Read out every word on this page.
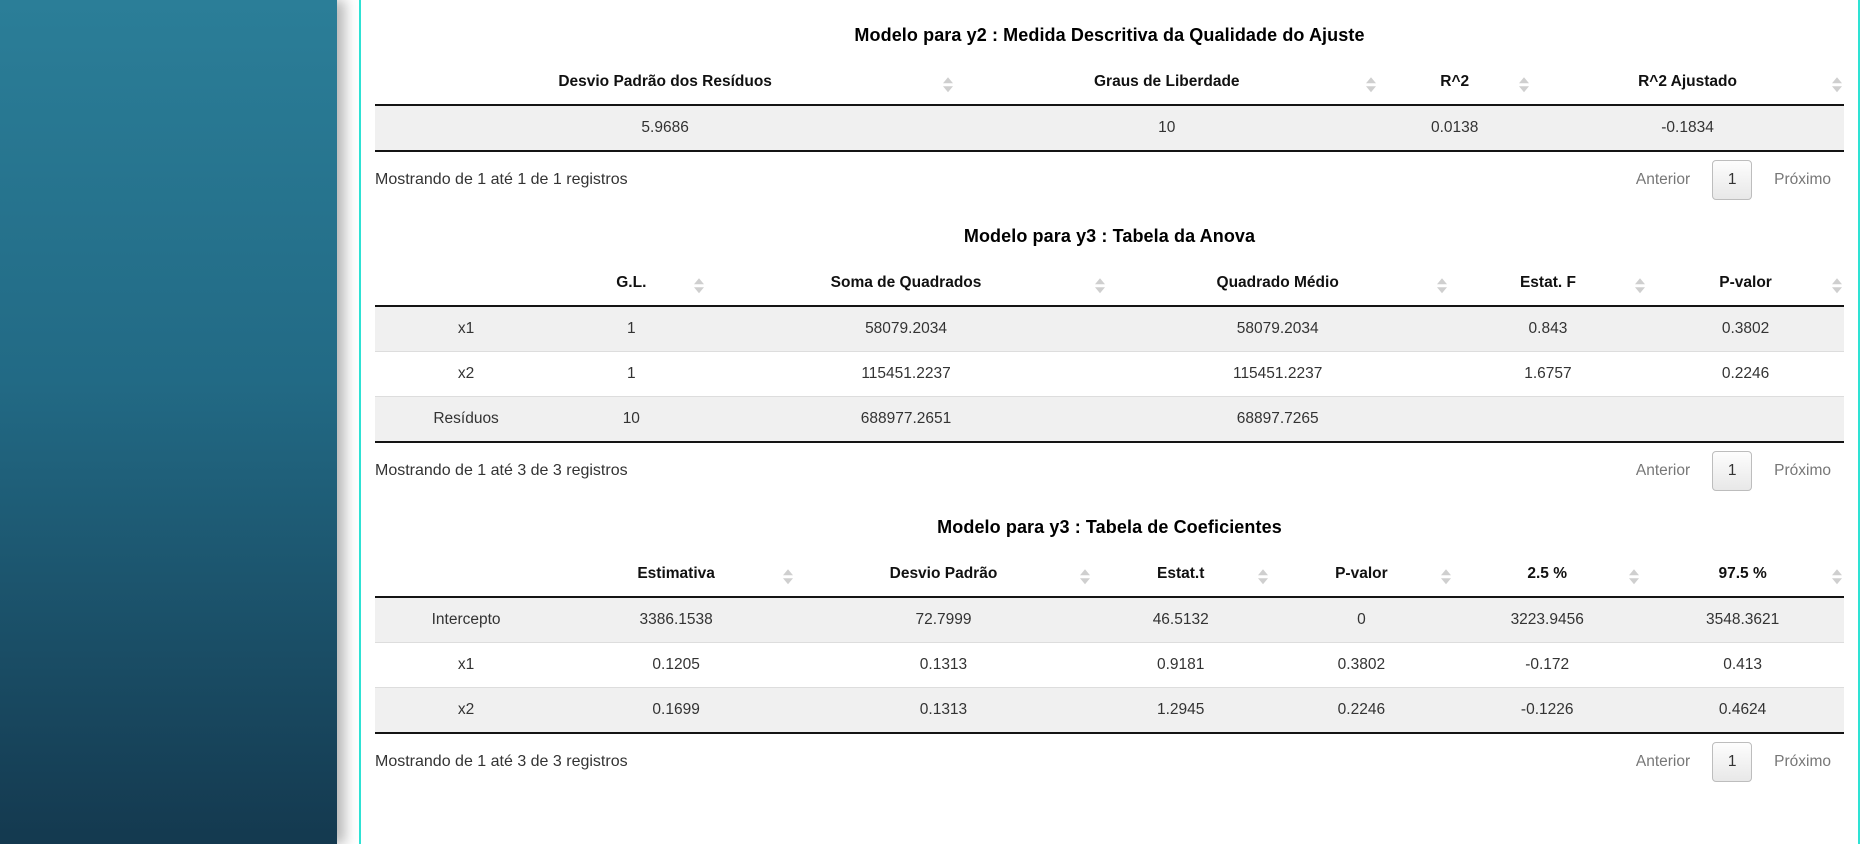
Modelo para y2 : Medida Descritiva da Qualidade do Ajuste
Desvio Padrão dos Resíduos	Graus de Liberdade	R^2	R^2 Ajustado

5.9686	10	0.0138	-0.1834
Mostrando de 1 até 1 de 1 registros	Anterior	1	Próximo
Modelo para y3 : Tabela da Anova
	G.L.	Soma de Quadrados	Quadrado Médio	Estat. F	P-valor

x1	1	58079.2034	58079.2034	0.843	0.3802
x2	1	115451.2237	115451.2237	1.6757	0.2246
Resíduos	10	688977.2651	68897.7265		
Mostrando de 1 até 3 de 3 registros	Anterior	1	Próximo
Modelo para y3 : Tabela de Coeficientes
	Estimativa	Desvio Padrão	Estat.t	P-valor	2.5 %	97.5 %

Intercepto	3386.1538	72.7999	46.5132	0	3223.9456	3548.3621
x1	0.1205	0.1313	0.9181	0.3802	-0.172	0.413
x2	0.1699	0.1313	1.2945	0.2246	-0.1226	0.4624
Mostrando de 1 até 3 de 3 registros	Anterior	1	Próximo
